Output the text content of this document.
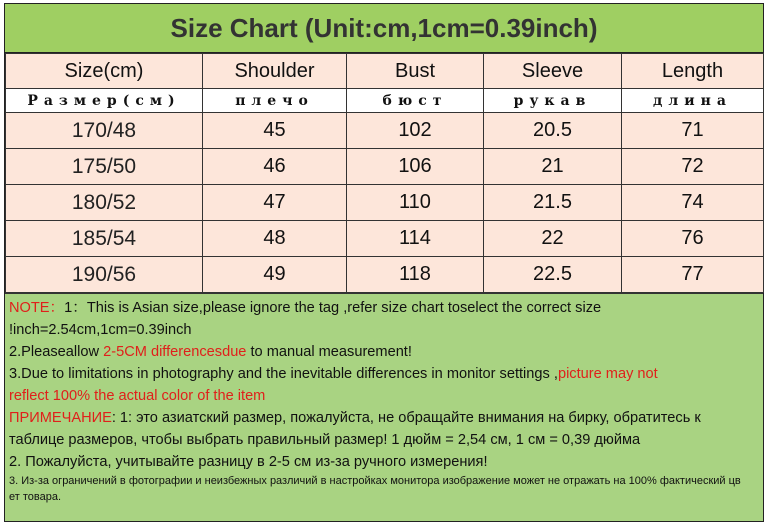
Size Chart (Unit:cm,1cm=0.39inch)
Size(cm)	Shoulder	Bust	Sleeve	Length
Размер(см)	плечо	бюст	рукав	длина
170/48	45	102	20.5	71
175/50	46	106	21	72
180/52	47	110	21.5	74
185/54	48	114	22	76
190/56	49	118	22.5	77
NOTE：1：This is Asian size,please ignore the tag ,refer size chart toselect the correct size
!inch=2.54cm,1cm=0.39inch
2.Pleaseallow 2-5CM differencesdue to manual measurement!
3.Due to limitations in photography and the inevitable differences in monitor settings ,picture may not
reflect 100% the actual color of the item
ПРИМЕЧАНИЕ: 1: это азиатский размер, пожалуйста, не обращайте внимания на бирку, обратитесь к
таблице размеров, чтобы выбрать правильный размер! 1 дюйм = 2,54 см, 1 см = 0,39 дюйма
2. Пожалуйста, учитывайте разницу в 2-5 см из-за ручного измерения!
3. Из-за ограничений в фотографии и неизбежных различий в настройках монитора изображение может не отражать на 100% фактический цв
ет товара.
